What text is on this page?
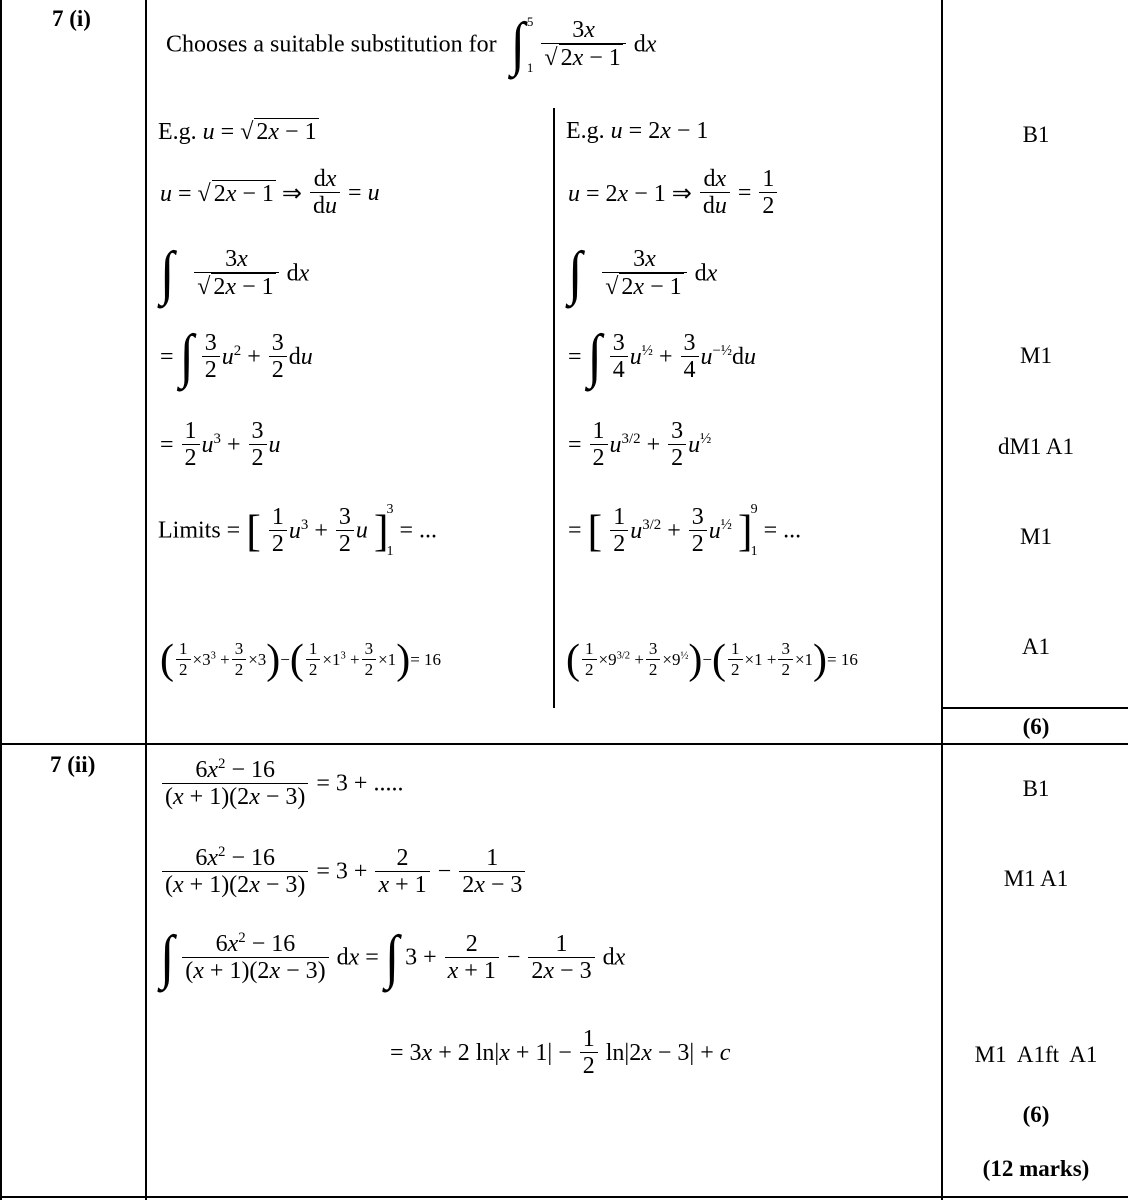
7 (i)
7 (ii)
Chooses a suitable substitution for ∫ 5
1
$\frac{3x}{√ 2x - 1}$ dx
E.g. u = √ 2x − 1
u = √ 2x − 1 ⇒ $\frac{dx}{du} = u$
∫ $\frac{3x}{√ 2x - 1}$ dx
= ∫ $\frac{3}{2} u^2 + \frac{3}{2}$ du
= $\frac{1}{2} u^3 + \frac{3}{2}$ u
Limits = [ $\frac{1}{2} u^3 + \frac{3}{2}$ u ]
3
1
= ...
( $\frac{1}{2} \times 3^3 + \frac{3}{2} \times 3)-( \frac{1}{2} \times 1^3 + \frac{3}{2} \times 1)= 16$
E.g. u = 2x − 1
u = 2x − 1 ⇒ $\frac{dx}{du} = \frac{1}{2}$
∫ $\frac{3x}{√ 2x - 1}$ dx
= ∫ $\frac{3}{4} u^{\frac{1}{2}} + \frac{3}{4} u^{-\frac{1}{2}}du$
= $\frac{1}{2} u^{3/2} + \frac{3}{2} u^{\frac{1}{2}}$
= [ $\frac{1}{2} u^{3/2} + \frac{3}{2} u^{\frac{1}{2}}$ ]
9
1
= ...
( $\frac{1}{2} \times 9^{3/2} + \frac{3}{2} \times 9^{\frac{1}{2}})-( \frac{1}{2} \times 1 + \frac{3}{2} \times 1)= 16$
B1
M1
dM1 A1
M1
A1
(6)
$\frac{6x^2 - 16}{(x + 1)(2x - 3)} = 3$ + .....
$\frac{6x^2 - 16}{(x + 1)(2x - 3)} = 3 + \frac{2}{x + 1} - \frac{1}{2x - 3}$
∫ $\frac{6x^2 - 16}{(x + 1)(2x - 3)}$ dx = ∫ $3 + \frac{2}{x + 1} - \frac{1}{2x - 3}$ dx
= 3x + 2 $\ln|x + 1| - \frac{1}{2} \ln|2x - 3| + c$
B1
M1 A1
M1  A1ft  A1
(6)
(12 marks)
